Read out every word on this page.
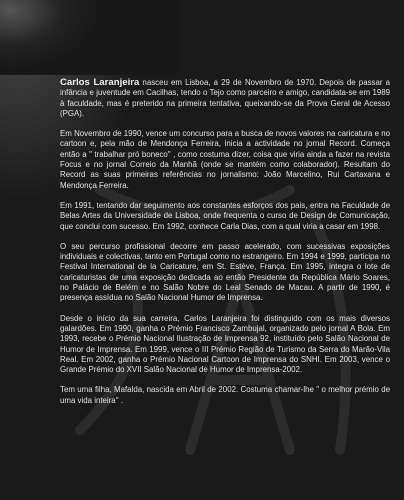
Carlos Laranjeira nasceu em Lisboa, a 29 de Novembro de 1970. Depois de passar a infância e juventude em Cacilhas, tendo o Tejo como parceiro e amigo, candidata-se em 1989 à faculdade, mas é preterido na primeira tentativa, queixando-se da Prova Geral de Acesso (PGA).

Em Novembro de 1990, vence um concurso para a busca de novos valores na caricatura e no cartoon e, pela mão de Mendonça Ferreira, inicia a actividade no jornal Record. Começa então a " trabalhar pró boneco" , como costuma dizer, coisa que viria ainda a fazer na revista Focus e no jornal Correio da Manhã (onde se mantém como colaborador). Resultam do Record as suas primeiras referências no jornalismo: João Marcelino, Rui Cartaxana e Mendonça Ferreira.

Em 1991, tentando dar seguimento aos constantes esforços dos pais, entra na Faculdade de Belas Artes da Universidade de Lisboa, onde frequenta o curso de Design de Comunicação, que conclui com sucesso. Em 1992, conhece Carla Dias, com a qual viria a casar em 1998.

O seu percurso profissional decorre em passo acelerado, com sucessivas exposições individuais e colectivas, tanto em Portugal como no estrangeiro. Em 1994 e 1999, participa no Festival International de la Caricature, em St. Estève, França. Em 1995, integra o lote de caricaturistas de uma exposição dedicada ao então Presidente da República Mário Soares, no Palácio de Belém e no Salão Nobre do Leal Senado de Macau. A partir de 1990, é presença assídua no Salão Nacional Humor de Imprensa.

Desde o início da sua carreira, Carlos Laranjeira foi distinguido com os mais diversos galardões. Em 1990, ganha o Prémio Francisco Zambujal, organizado pelo jornal A Bola. Em 1993, recebe o Prémio Nacional Ilustração de Imprensa 92, instituído pelo Salão Nacional de Humor de Imprensa. Em 1999, vence o III Prémio Região de Turismo da Serra do Marão-Vila Real. Em 2002, ganha o Prémio Nacional Cartoon de Imprensa do SNHI. Em 2003, vence o Grande Prémio do XVII Salão Nacional de Humor de Imprensa-2002.

Tem uma filha, Mafalda, nascida em Abril de 2002. Costuma chamar-lhe " o melhor prémio de uma vida inteira" .
